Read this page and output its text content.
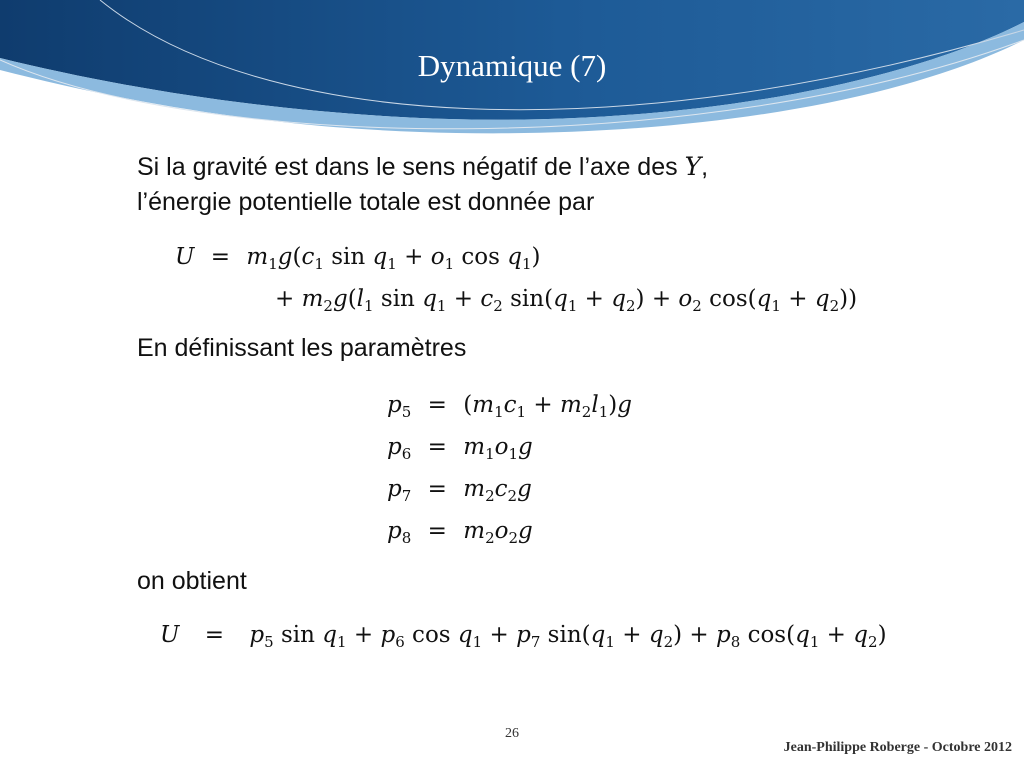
Dynamique (7)
Si la gravité est dans le sens négatif de l’axe des Y,
l’énergie potentielle totale est donnée par
$U = m_1g(c_1$ $\sin q_1 + o_1$ $\cos q_1$)
+ $m_2g(l_1$ $\sin q_1 + c_2$ $\sin(q_1 + q_2) + o_2$ $\cos(q_1 + q_2)$)
En définissant les paramètres
$p_5 = (m_1c_1 + m_2l_1)g$
$p_6 = m_1o_1g$
$p_7 = m_2c_2g$
$p_8 = m_2o_2g$
on obtient
$U = p_5$ $\sin q_1 + p_6$ $\cos q_1 + p_7$ $\sin(q_1 + q_2) + p_8$ $\cos(q_1 + q_2)$
26
Jean-Philippe Roberge - Octobre 2012
